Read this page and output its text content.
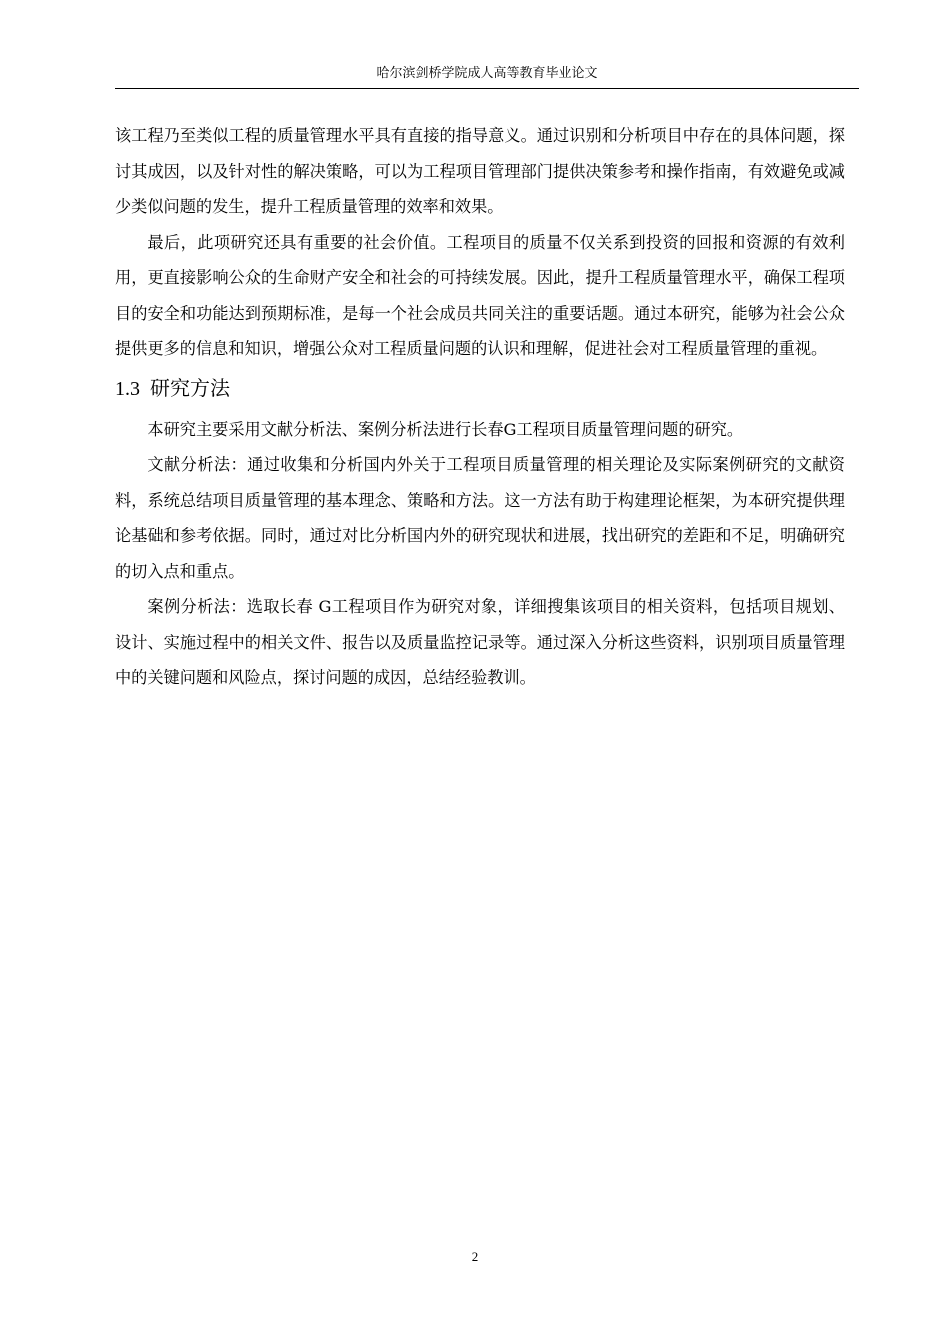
哈尔滨剑桥学院成人高等教育毕业论文

该工程乃至类似工程的质量管理水平具有直接的指导意义。通过识别和分析项目中存在的具体问题，探讨其成因，以及针对性的解决策略，可以为工程项目管理部门提供决策参考和操作指南，有效避免或减少类似问题的发生，提升工程质量管理的效率和效果。

最后，此项研究还具有重要的社会价值。工程项目的质量不仅关系到投资的回报和资源的有效利用，更直接影响公众的生命财产安全和社会的可持续发展。因此，提升工程质量管理水平，确保工程项目的安全和功能达到预期标准，是每一个社会成员共同关注的重要话题。通过本研究，能够为社会公众提供更多的信息和知识，增强公众对工程质量问题的认识和理解，促进社会对工程质量管理的重视。

1.3 研究方法

本研究主要采用文献分析法、案例分析法进行长春G工程项目质量管理问题的研究。

文献分析法：通过收集和分析国内外关于工程项目质量管理的相关理论及实际案例研究的文献资料，系统总结项目质量管理的基本理念、策略和方法。这一方法有助于构建理论框架，为本研究提供理论基础和参考依据。同时，通过对比分析国内外的研究现状和进展，找出研究的差距和不足，明确研究的切入点和重点。

案例分析法：选取长春 G工程项目作为研究对象，详细搜集该项目的相关资料，包括项目规划、设计、实施过程中的相关文件、报告以及质量监控记录等。通过深入分析这些资料，识别项目质量管理中的关键问题和风险点，探讨问题的成因，总结经验教训。

2
